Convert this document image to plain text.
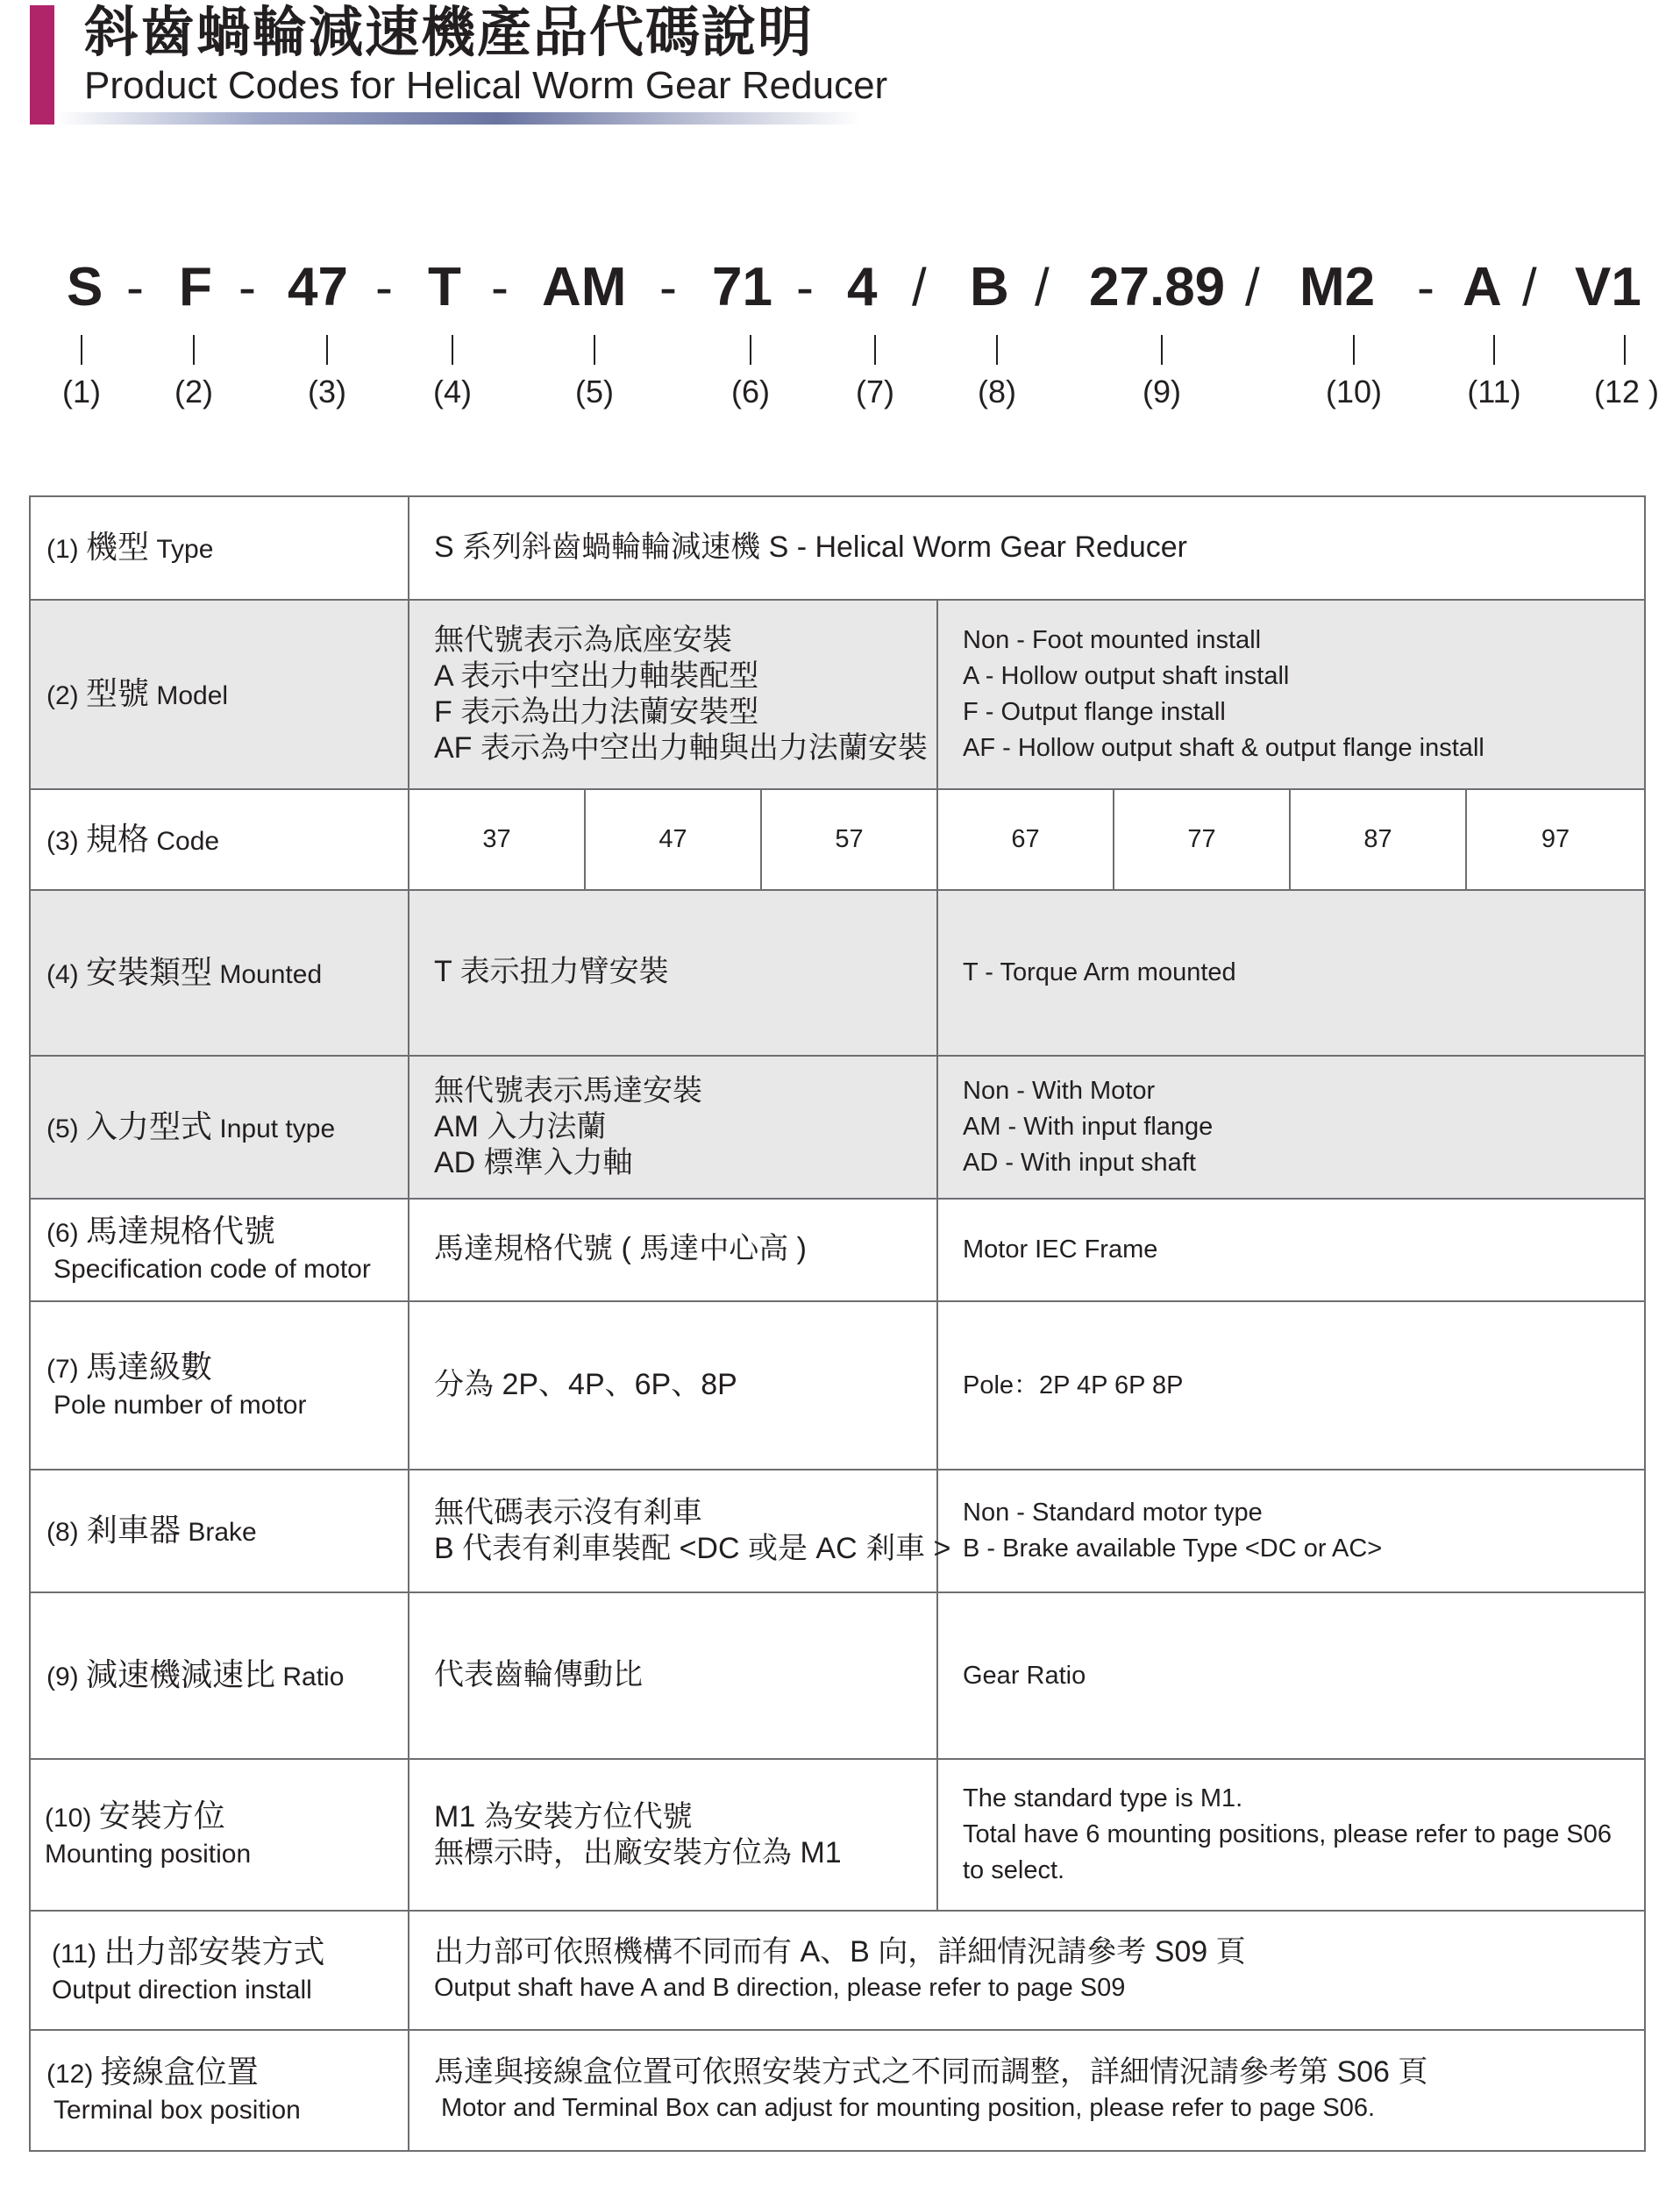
斜齒蝸輪減速機產品代碼說明
Product Codes for Helical Worm Gear Reducer
S - F - 47 - T - AM - 71 - 4 / B / 27.89 / M2 - A / V1
(1)	(2)	(3)	(4)	(5)	(6)	(7)	(8)	(9)	(10)	(11)	(12 )
(1) 機型 Type	S 系列斜齒蝸輪輪減速機 S - Helical Worm Gear Reducer						
(2) 型號 Model	無代號表示為底座安裝
A 表示中空出力軸裝配型
F 表示為出力法蘭安裝型
AF 表示為中空出力軸與出力法蘭安裝			Non - Foot mounted install
A - Hollow output shaft install
F - Output flange install
AF - Hollow output shaft & output flange install			

(3) 規格 Code	37	47	57	67	77	87	97
(4) 安裝類型 Mounted	T 表示扭力臂安裝			T - Torque Arm mounted			
(5) 入力型式 Input type	無代號表示馬達安裝
AM 入力法蘭
AD 標準入力軸			Non - With Motor
AM - With input flange
AD - With input shaft			

(6) 馬達規格代號
Specification code of motor	馬達規格代號 ( 馬達中心高 )			Motor IEC Frame			

(7) 馬達級數
Pole number of motor	分為 2P、4P、6P、8P			Pole：2P 4P 6P 8P			
(8) 剎車器 Brake	無代碼表示沒有剎車
B 代表有剎車裝配 <DC 或是 AC 剎車 >			Non - Standard motor type
B - Brake available Type <DC or AC>			

(9) 減速機減速比 Ratio	代表齒輪傳動比			Gear Ratio			

(10) 安裝方位
Mounting position	M1 為安裝方位代號
無標示時，出廠安裝方位為 M1			The standard type is M1.
Total have 6 mounting positions, please refer to page S06
to select.			

(11) 出力部安裝方式
Output direction install	出力部可依照機構不同而有 A、B 向，詳細情況請參考 S09 頁
Output shaft have A and B direction, please refer to page S09						

(12) 接線盒位置
Terminal box position	馬達與接線盒位置可依照安裝方式之不同而調整，詳細情況請參考第 S06 頁
Motor and Terminal Box can adjust for mounting position, please refer to page S06.						
